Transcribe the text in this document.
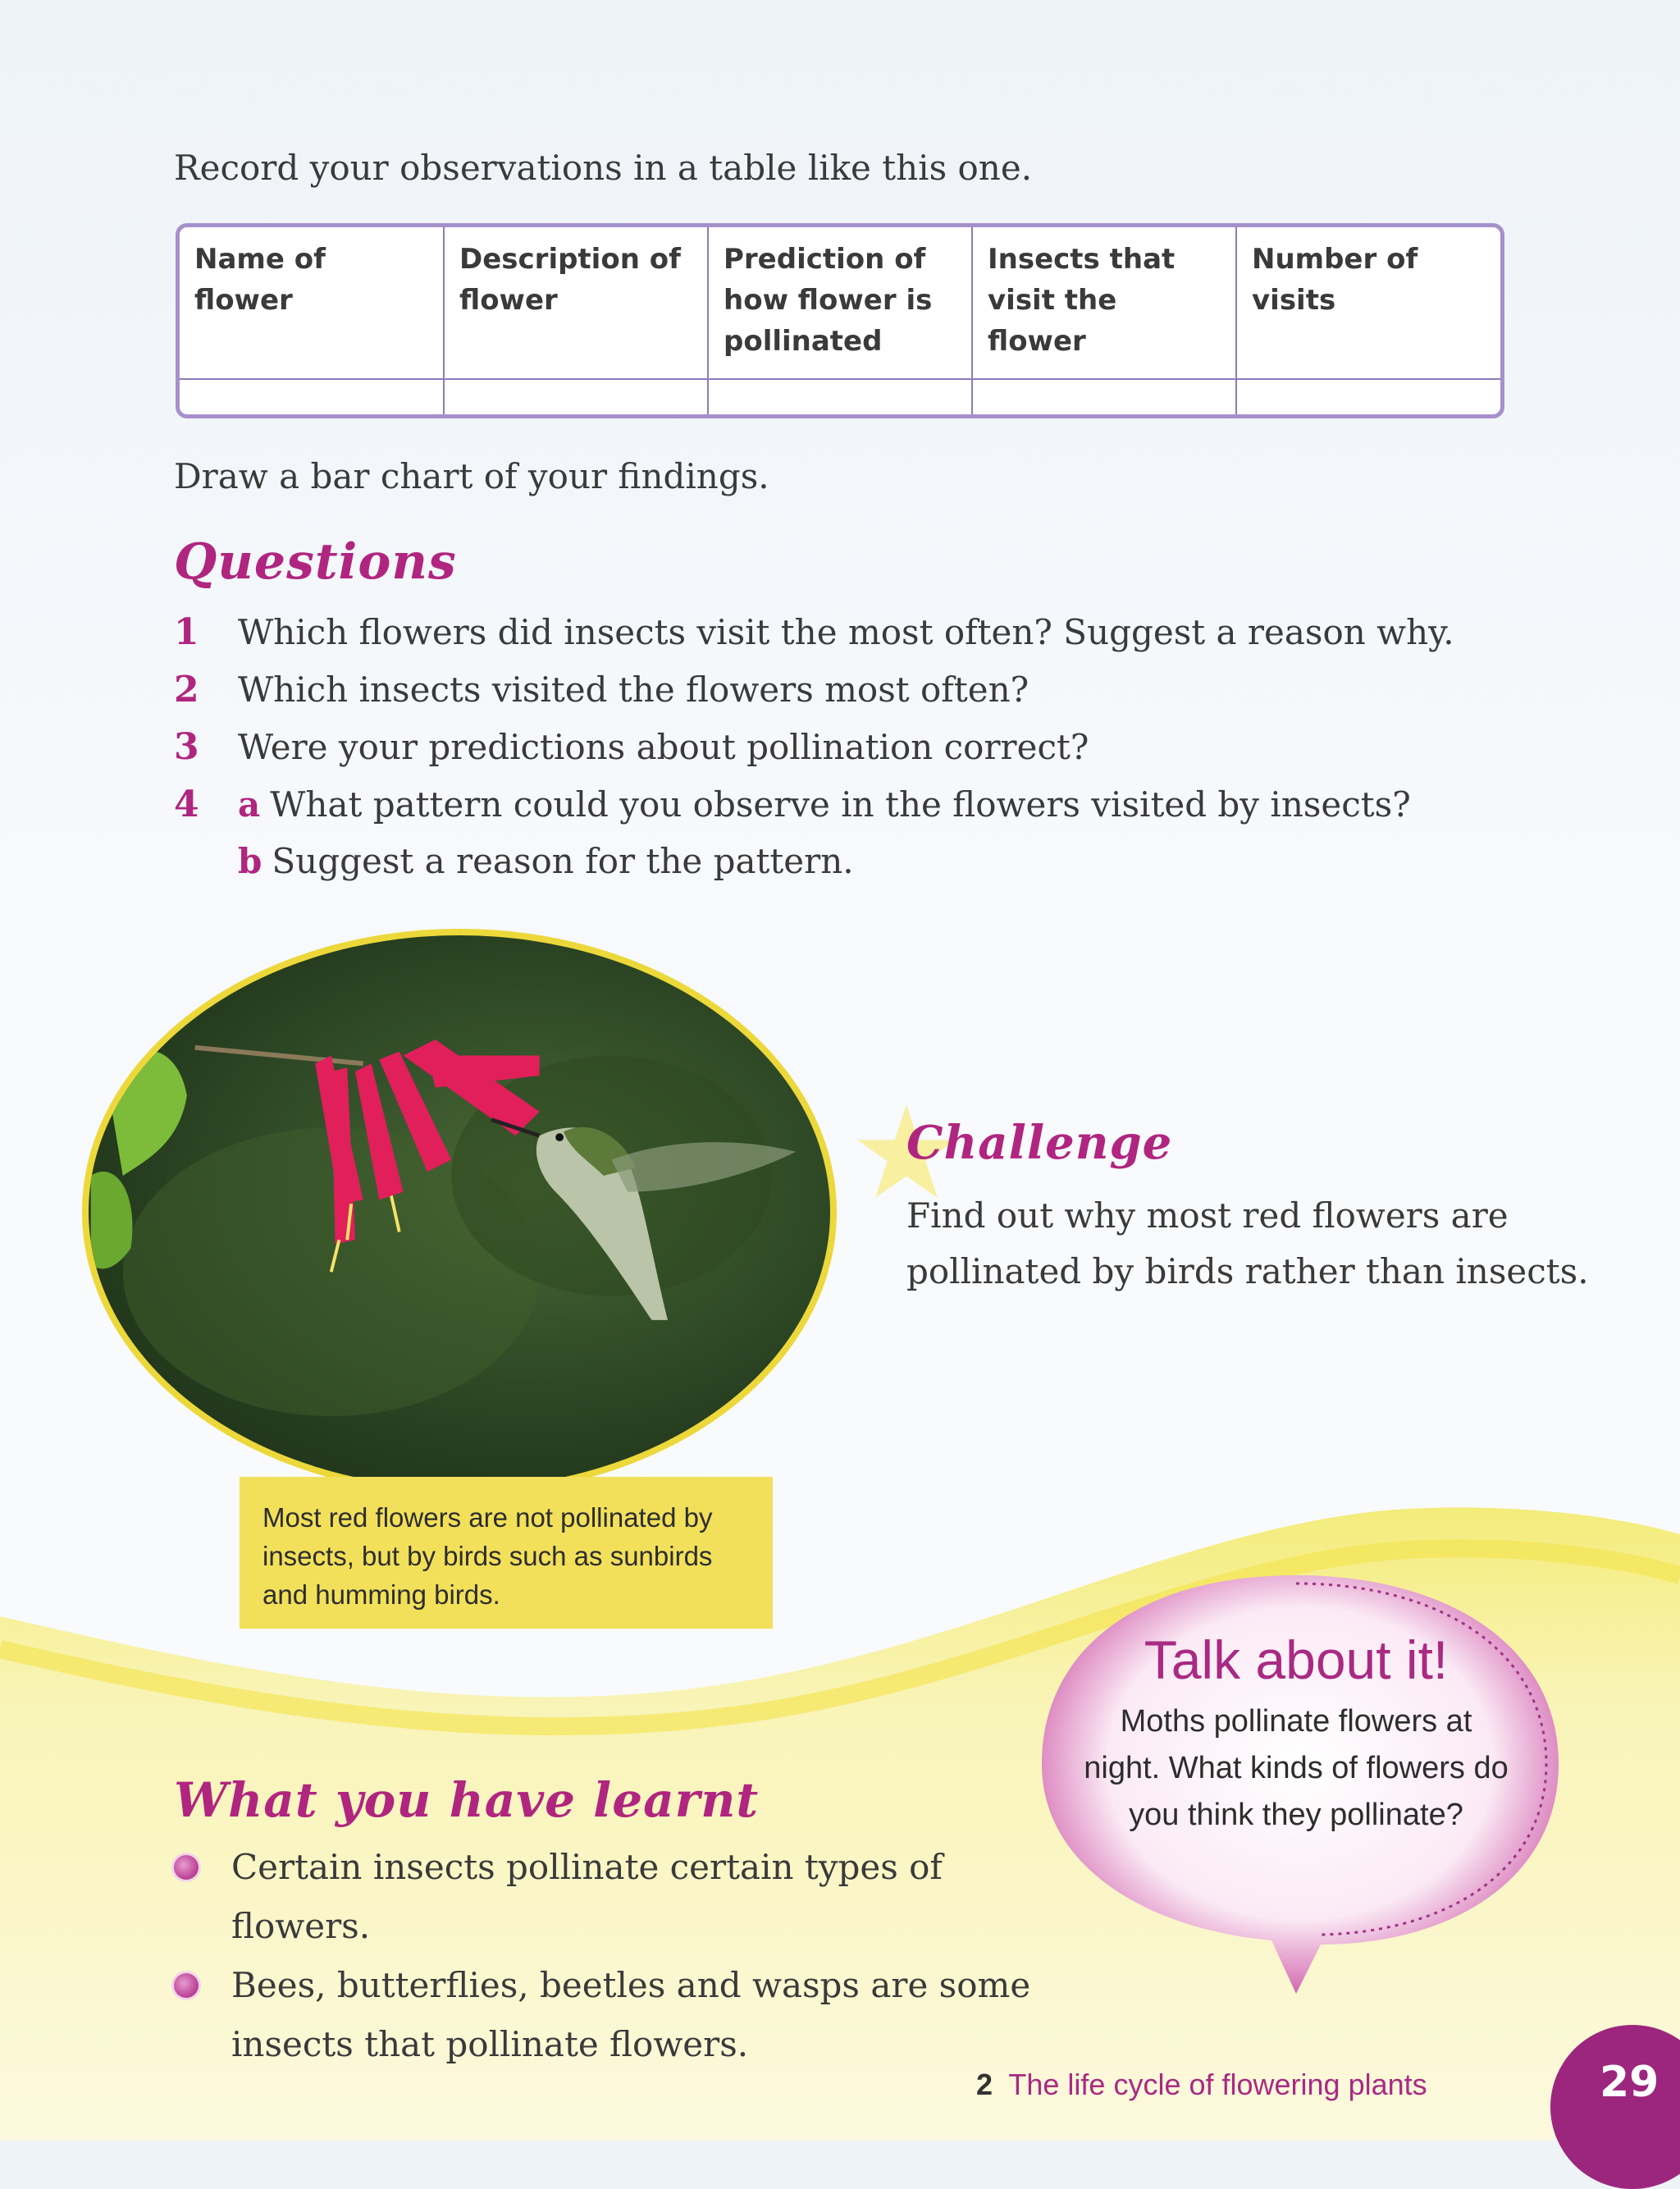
Record your observations in a table like this one.
Name of flower	Description of flower	Prediction of how flower is pollinated	Insects that visit the flower	Number of visits

Draw a bar chart of your findings.
Questions
1	Which flowers did insects visit the most often? Suggest a reason why.
2	Which insects visited the flowers most often?
3	Were your predictions about pollination correct?
4	a What pattern could you observe in the flowers visited by insects?
b Suggest a reason for the pattern.
Most red flowers are not pollinated by insects, but by birds such as sunbirds and humming birds.
Challenge
Find out why most red flowers are pollinated by birds rather than insects.
What you have learnt
Certain insects pollinate certain types of flowers.
Bees, butterflies, beetles and wasps are some insects that pollinate flowers.
Talk about it!
Moths pollinate flowers at night. What kinds of flowers do you think they pollinate?
2 The life cycle of flowering plants	29
